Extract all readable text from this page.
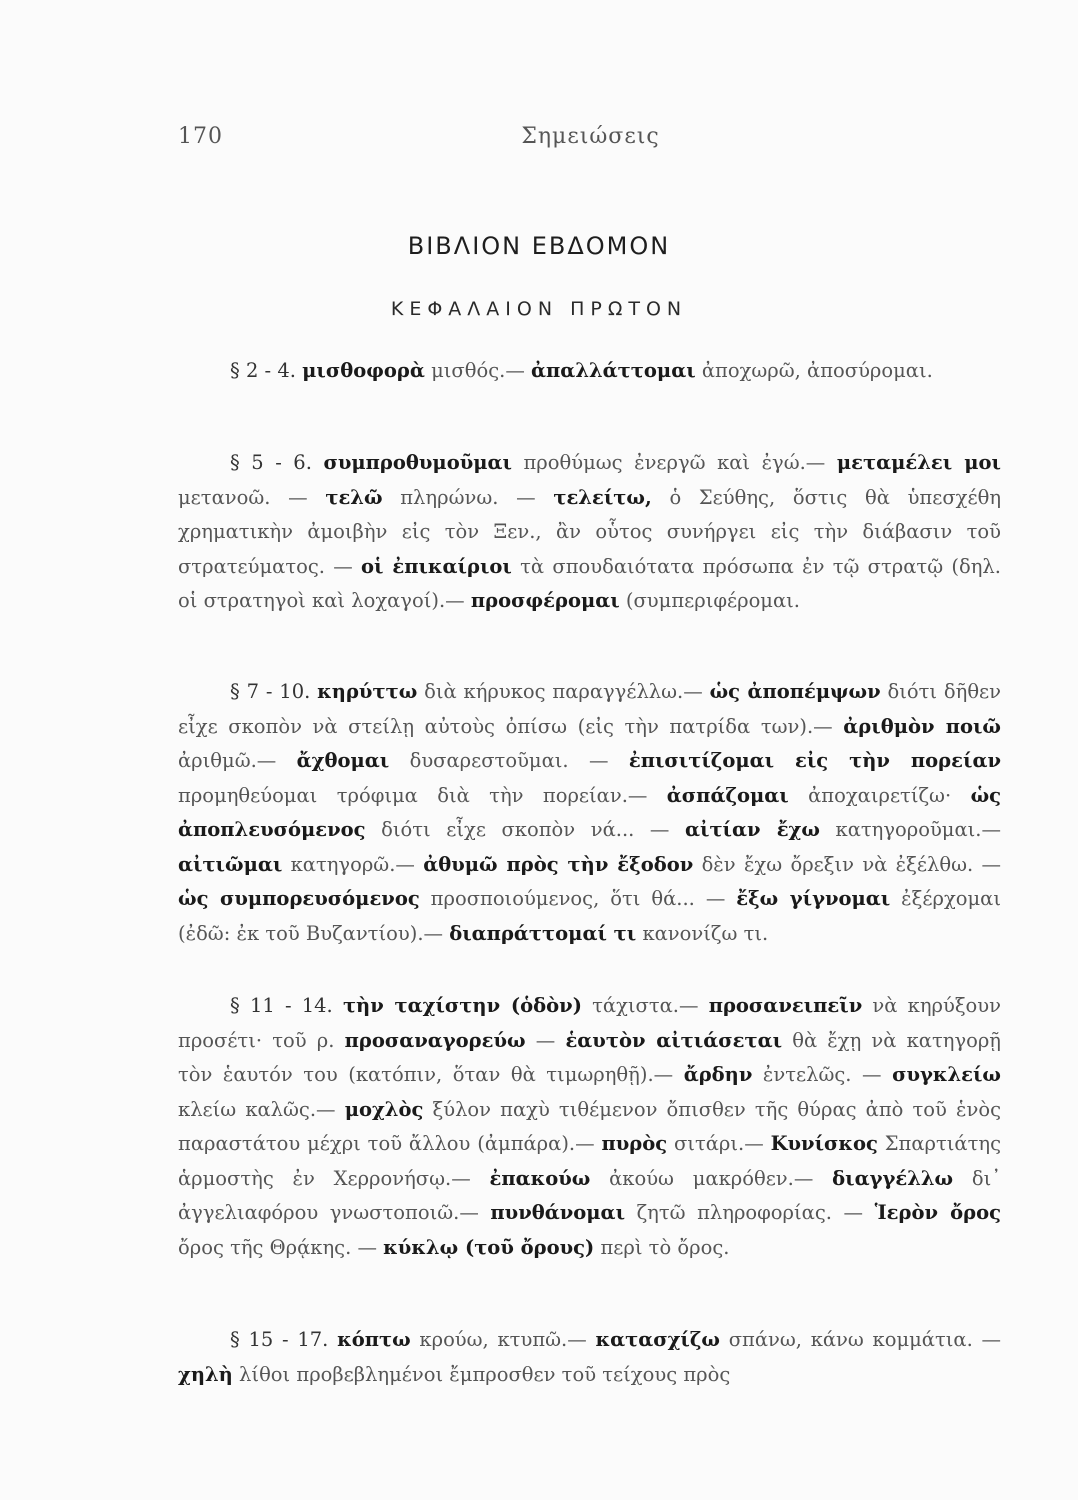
170	Σημειώσεις
ΒΙΒΛΙΟΝ ΕΒΔΟΜΟΝ
ΚΕΦΑΛΑΙΟΝ ΠΡΩΤΟΝ
§ 2 - 4. μισθοφορὰ μισθός.— ἀπαλλάττομαι ἀποχωρῶ, ἀποσύρομαι.
§ 5 - 6. συμπροθυμοῦμαι προθύμως ἐνεργῶ καὶ ἐγώ.— μεταμέλει μοι μετανοῶ. — τελῶ πληρώνω. — τελείτω, ὁ Σεύθης, ὅστις θὰ ὑπεσχέθη χρηματικὴν ἀμοιβὴν εἰς τὸν Ξεν., ἂν οὗτος συνήργει εἰς τὴν διάβασιν τοῦ στρατεύματος. — οἱ ἐπικαίριοι τὰ σπουδαιότατα πρόσωπα ἐν τῷ στρατῷ (δηλ. οἱ στρατηγοὶ καὶ λοχαγοί).— προσφέρομαι (συμπεριφέρομαι.
§ 7 - 10. κηρύττω διὰ κήρυκος παραγγέλλω.— ὡς ἀποπέμψων διότι δῆθεν εἶχε σκοπὸν νὰ στείλῃ αὐτοὺς ὀπίσω (εἰς τὴν πατρίδα των).— ἀριθμὸν ποιῶ ἀριθμῶ.— ἄχθομαι δυσαρεστοῦμαι. — ἐπισιτίζομαι εἰς τὴν πορείαν προμηθεύομαι τρόφιμα διὰ τὴν πορείαν.— ἀσπάζομαι ἀποχαιρετίζω· ὡς ἀποπλευσόμενος διότι εἶχε σκοπὸν νά... — αἰτίαν ἔχω κατηγοροῦμαι.— αἰτιῶμαι κατηγορῶ.— ἀθυμῶ πρὸς τὴν ἔξοδον δὲν ἔχω ὄρεξιν νὰ ἐξέλθω. — ὡς συμπορευσόμενος προσποιούμενος, ὅτι θά... — ἔξω γίγνομαι ἐξέρχομαι (ἐδῶ: ἐκ τοῦ Βυζαντίου).— διαπράττομαί τι κανονίζω τι.
§ 11 - 14. τὴν ταχίστην (ὁδὸν) τάχιστα.— προσανειπεῖν νὰ κηρύξουν προσέτι· τοῦ ρ. προσαναγορεύω — ἑαυτὸν αἰτιάσεται θὰ ἔχῃ νὰ κατηγορῇ τὸν ἑαυτόν του (κατόπιν, ὅταν θὰ τιμωρηθῇ).— ἄρδην ἐντελῶς. — συγκλείω κλείω καλῶς.— μοχλὸς ξύλον παχὺ τιθέμενον ὄπισθεν τῆς θύρας ἀπὸ τοῦ ἑνὸς παραστάτου μέχρι τοῦ ἄλλου (ἀμπάρα).— πυρὸς σιτάρι.— Κυνίσκος Σπαρτιάτης ἁρμοστὴς ἐν Χερρονήσῳ.— ἐπακούω ἀκούω μακρόθεν.— διαγγέλλω δι᾿ ἀγγελιαφόρου γνωστοποιῶ.— πυνθάνομαι ζητῶ πληροφορίας. — Ἱερὸν ὄρος ὄρος τῆς Θρᾴκης. — κύκλῳ (τοῦ ὄρους) περὶ τὸ ὄρος.
§ 15 - 17. κόπτω κρούω, κτυπῶ.— κατασχίζω σπάνω, κάνω κομμάτια. — χηλὴ λίθοι προβεβλημένοι ἔμπροσθεν τοῦ τείχους πρὸς
